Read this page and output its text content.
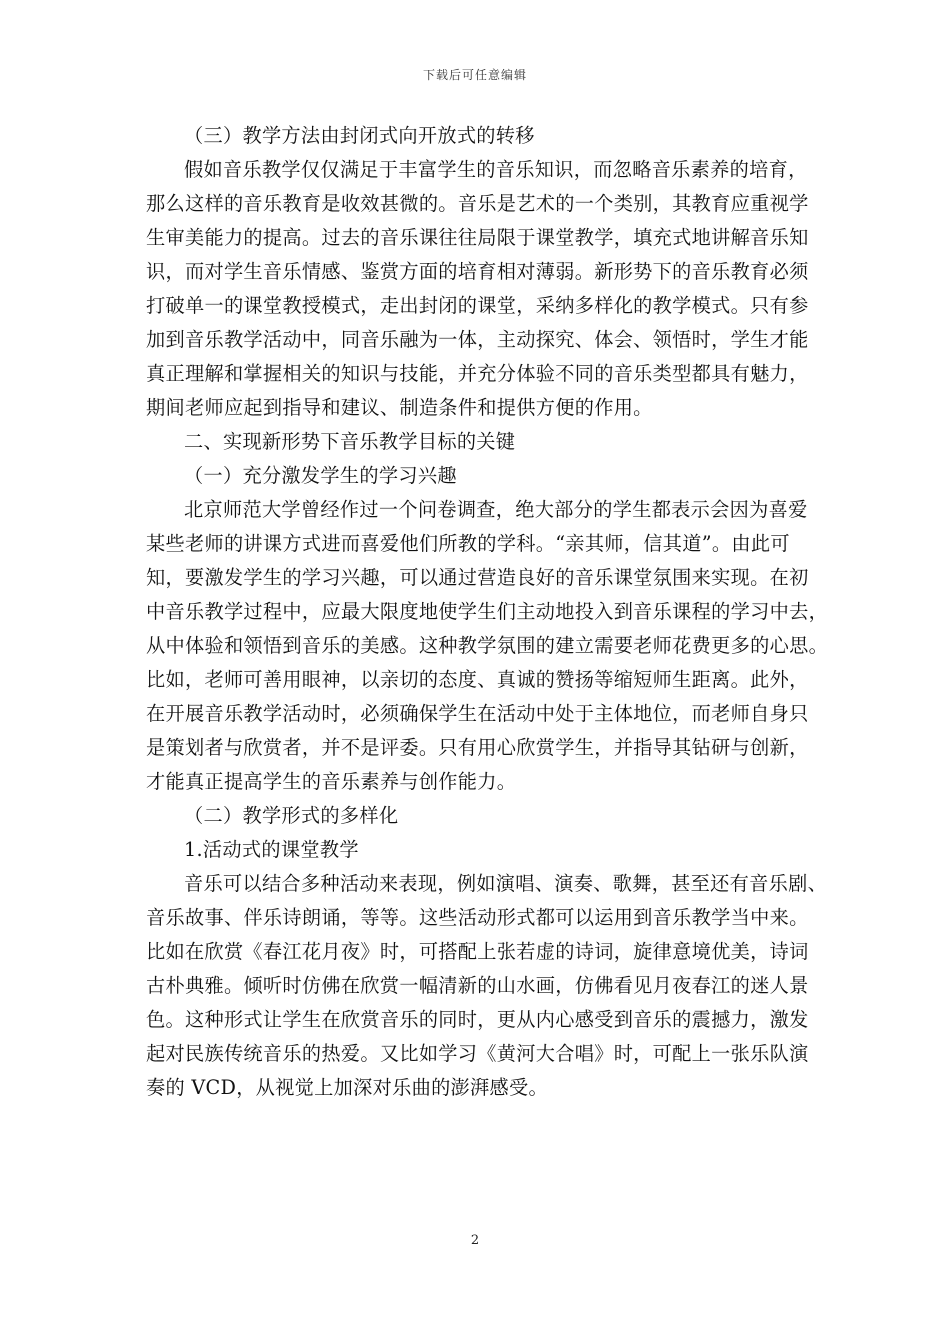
下载后可任意编辑
（三）教学方法由封闭式向开放式的转移
假如音乐教学仅仅满足于丰富学生的音乐知识，而忽略音乐素养的培育，
那么这样的音乐教育是收效甚微的。音乐是艺术的一个类别，其教育应重视学
生审美能力的提高。过去的音乐课往往局限于课堂教学，填充式地讲解音乐知
识，而对学生音乐情感、鉴赏方面的培育相对薄弱。新形势下的音乐教育必须
打破单一的课堂教授模式，走出封闭的课堂，采纳多样化的教学模式。只有参
加到音乐教学活动中，同音乐融为一体，主动探究、体会、领悟时，学生才能
真正理解和掌握相关的知识与技能，并充分体验不同的音乐类型都具有魅力，
期间老师应起到指导和建议、制造条件和提供方便的作用。
二、实现新形势下音乐教学目标的关键
（一）充分激发学生的学习兴趣
北京师范大学曾经作过一个问卷调查，绝大部分的学生都表示会因为喜爱
某些老师的讲课方式进而喜爱他们所教的学科。“亲其师，信其道”。由此可
知，要激发学生的学习兴趣，可以通过营造良好的音乐课堂氛围来实现。在初
中音乐教学过程中，应最大限度地使学生们主动地投入到音乐课程的学习中去，
从中体验和领悟到音乐的美感。这种教学氛围的建立需要老师花费更多的心思。
比如，老师可善用眼神，以亲切的态度、真诚的赞扬等缩短师生距离。此外，
在开展音乐教学活动时，必须确保学生在活动中处于主体地位，而老师自身只
是策划者与欣赏者，并不是评委。只有用心欣赏学生，并指导其钻研与创新，
才能真正提高学生的音乐素养与创作能力。
（二）教学形式的多样化
1.活动式的课堂教学
音乐可以结合多种活动来表现，例如演唱、演奏、歌舞，甚至还有音乐剧、
音乐故事、伴乐诗朗诵，等等。这些活动形式都可以运用到音乐教学当中来。
比如在欣赏《春江花月夜》时，可搭配上张若虚的诗词，旋律意境优美，诗词
古朴典雅。倾听时仿佛在欣赏一幅清新的山水画，仿佛看见月夜春江的迷人景
色。这种形式让学生在欣赏音乐的同时，更从内心感受到音乐的震撼力，激发
起对民族传统音乐的热爱。又比如学习《黄河大合唱》时，可配上一张乐队演
奏的 VCD，从视觉上加深对乐曲的澎湃感受。
2
